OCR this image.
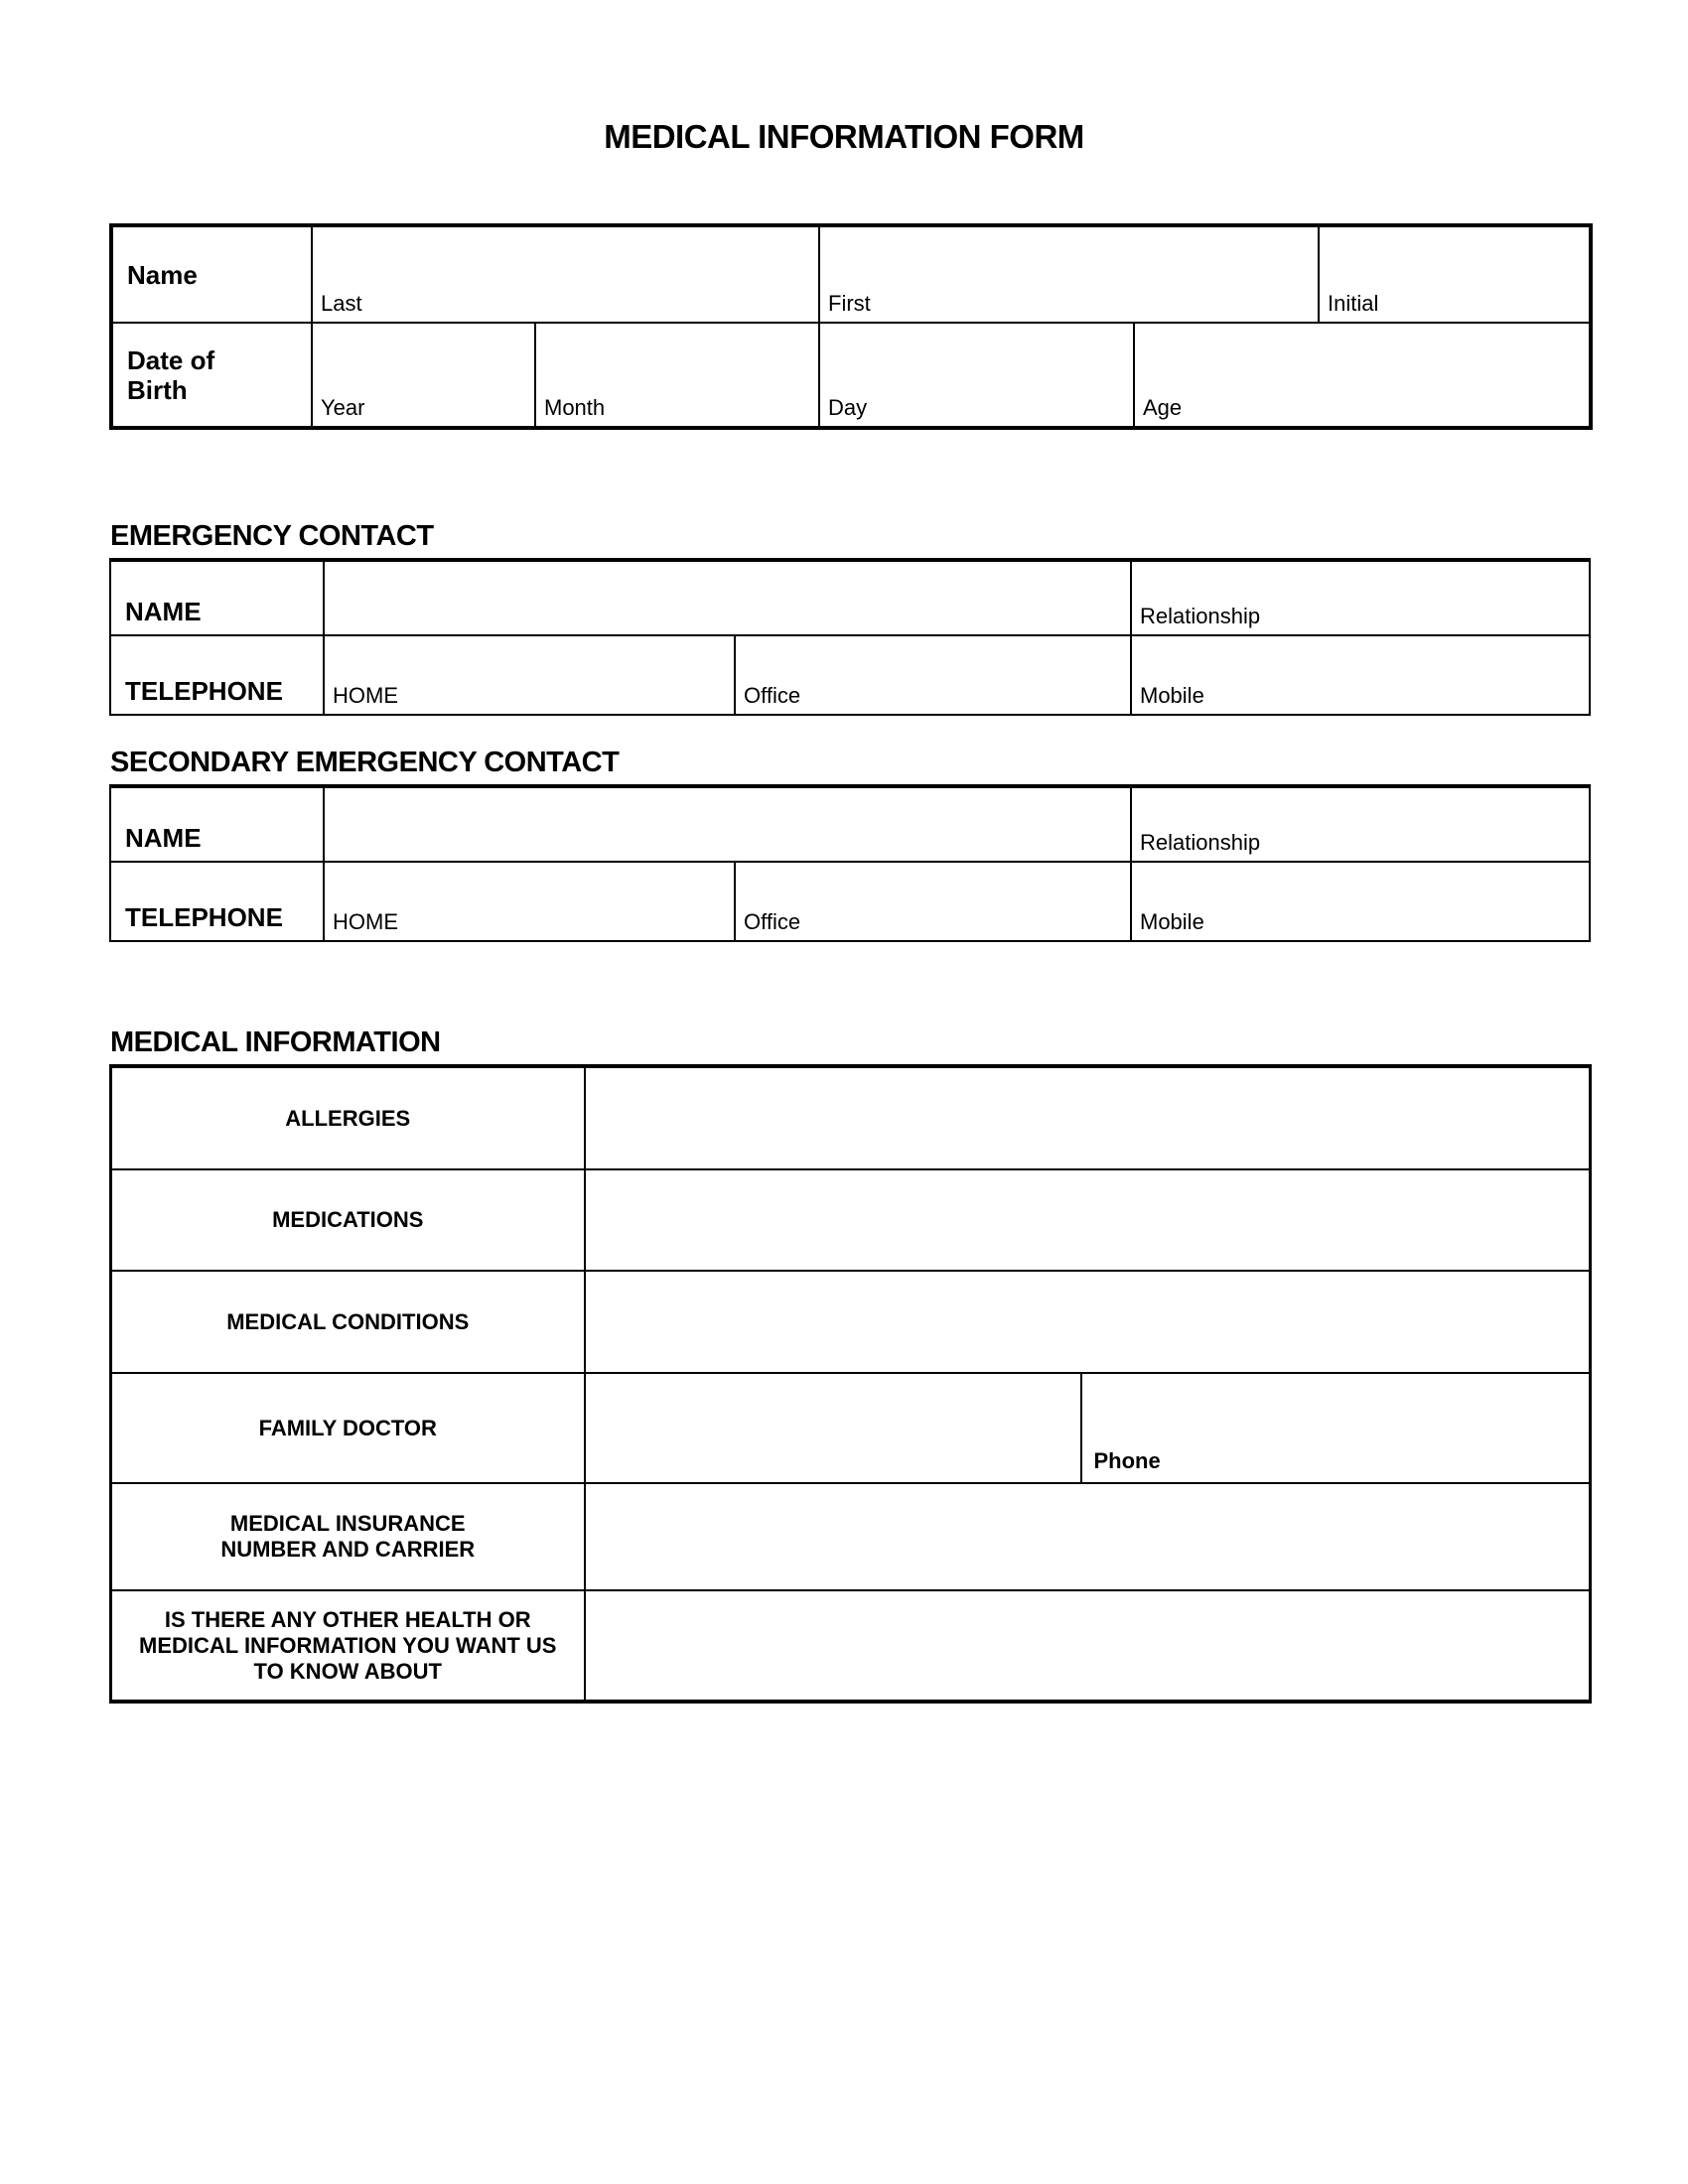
MEDICAL INFORMATION FORM
Name	Last		First		Initial

Date of Birth	Year	Month	Day	Age	
EMERGENCY CONTACT
NAME			Relationship

TELEPHONE	HOME	Office	Mobile
SECONDARY EMERGENCY CONTACT
NAME			Relationship

TELEPHONE	HOME	Office	Mobile
MEDICAL INFORMATION
ALLERGIES		
MEDICATIONS		
MEDICAL CONDITIONS		
FAMILY DOCTOR		Phone

MEDICAL INSURANCE NUMBER AND CARRIER		
IS THERE ANY OTHER HEALTH OR MEDICAL INFORMATION YOU WANT US TO KNOW ABOUT		
